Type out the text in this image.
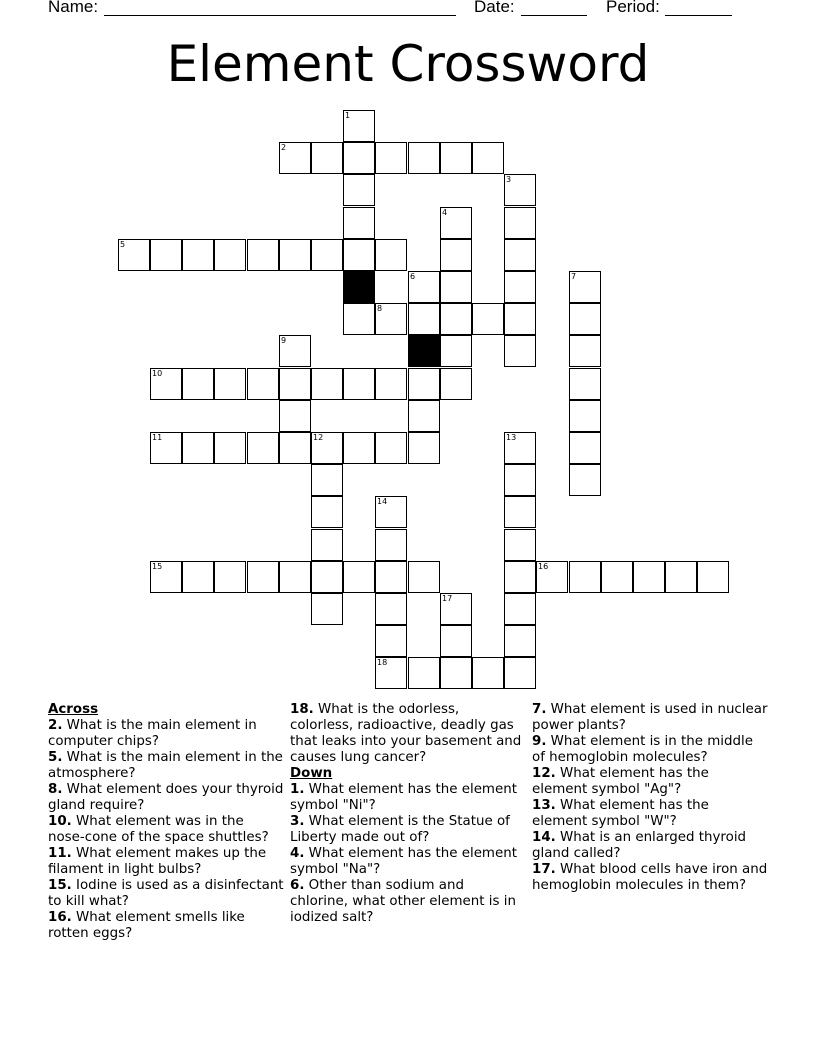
Name:	Date:	Period:
Element Crossword
1
2
3
4
5
6	7
8
9
10
11	12	13
14
15	16
17
18
Across

2. What is the main element in computer chips?

5. What is the main element in the atmosphere?

8. What element does your thyroid gland require?

10. What element was in the nose-cone of the space shuttles?

11. What element makes up the filament in light bulbs?

15. Iodine is used as a disinfectant to kill what?

16. What element smells like rotten eggs?

18. What is the odorless, colorless, radioactive, deadly gas that leaks into your basement and causes lung cancer?

Down

1. What element has the element symbol "Ni"?

3. What element is the Statue of Liberty made out of?

4. What element has the element symbol "Na"?

6. Other than sodium and chlorine, what other element is in iodized salt?

7. What element is used in nuclear power plants?

9. What element is in the middle of hemoglobin molecules?

12. What element has the element symbol "Ag"?

13. What element has the element symbol "W"?

14. What is an enlarged thyroid gland called?

17. What blood cells have iron and hemoglobin molecules in them?
